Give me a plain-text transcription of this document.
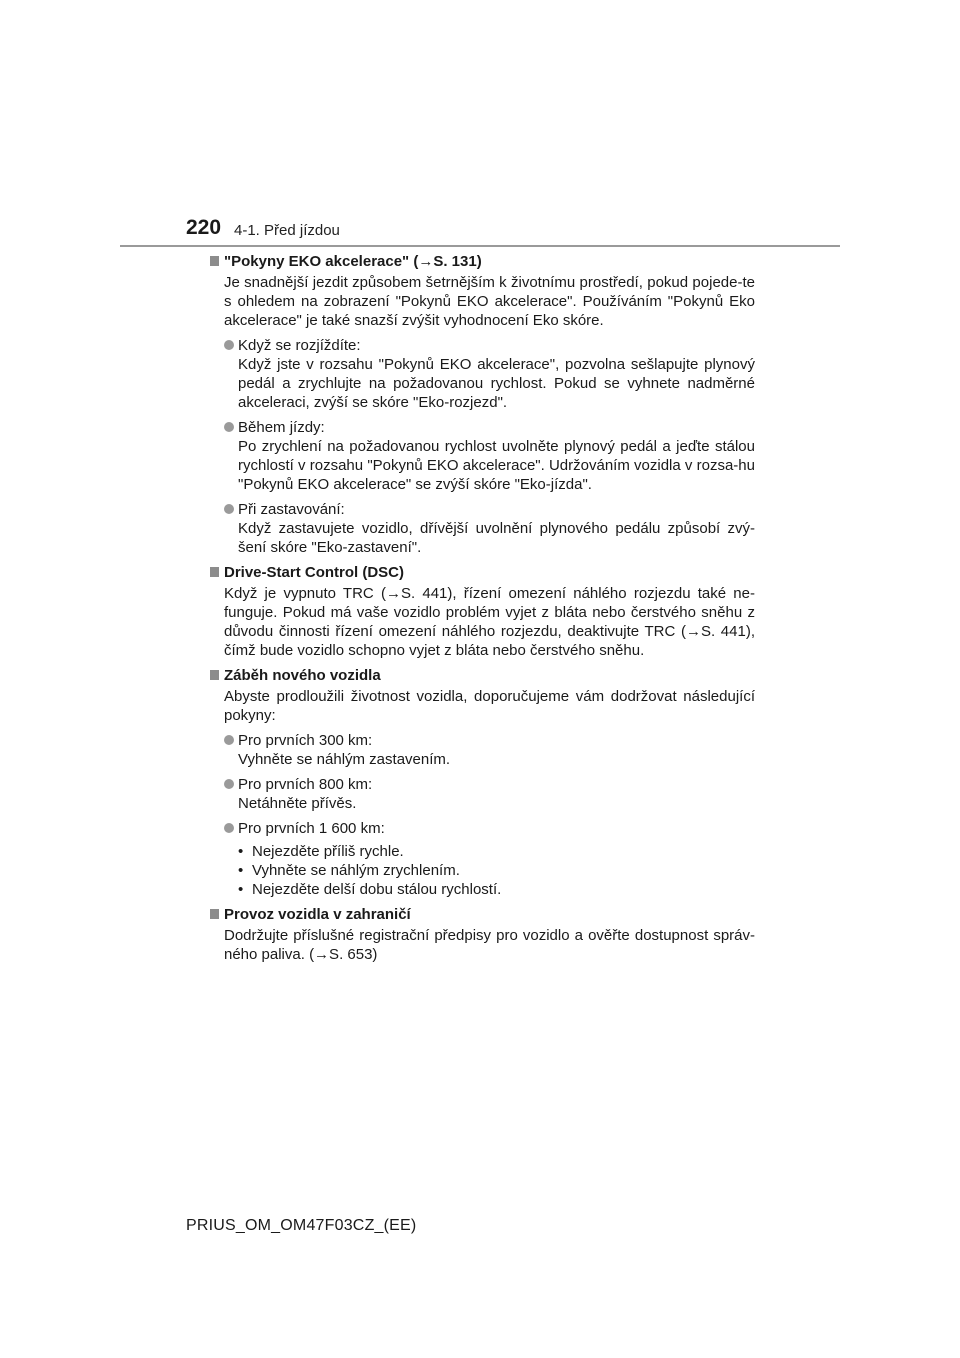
220 4-1. Před jízdou
"Pokyny EKO akcelerace" (→S. 131)
Je snadnější jezdit způsobem šetrnějším k životnímu prostředí, pokud pojede-te s ohledem na zobrazení "Pokynů EKO akcelerace". Používáním "Pokynů Eko akcelerace" je také snazší zvýšit vyhodnocení Eko skóre.
Když se rozjíždíte:
Když jste v rozsahu "Pokynů EKO akcelerace", pozvolna sešlapujte plynový pedál a zrychlujte na požadovanou rychlost. Pokud se vyhnete nadměrné akceleraci, zvýší se skóre "Eko-rozjezd".
Během jízdy:
Po zrychlení na požadovanou rychlost uvolněte plynový pedál a jeďte stálou rychlostí v rozsahu "Pokynů EKO akcelerace". Udržováním vozidla v rozsa-hu "Pokynů EKO akcelerace" se zvýší skóre "Eko-jízda".
Při zastavování:
Když zastavujete vozidlo, dřívější uvolnění plynového pedálu způsobí zvý-šení skóre "Eko-zastavení".
Drive-Start Control (DSC)
Když je vypnuto TRC (→S. 441), řízení omezení náhlého rozjezdu také ne-funguje. Pokud má vaše vozidlo problém vyjet z bláta nebo čerstvého sněhu z důvodu činnosti řízení omezení náhlého rozjezdu, deaktivujte TRC (→S. 441), čímž bude vozidlo schopno vyjet z bláta nebo čerstvého sněhu.
Záběh nového vozidla
Abyste prodloužili životnost vozidla, doporučujeme vám dodržovat následující pokyny:
Pro prvních 300 km:
Vyhněte se náhlým zastavením.
Pro prvních 800 km:
Netáhněte přívěs.
Pro prvních 1 600 km:
• Nejezděte příliš rychle.
• Vyhněte se náhlým zrychlením.
• Nejezděte delší dobu stálou rychlostí.
Provoz vozidla v zahraničí
Dodržujte příslušné registrační předpisy pro vozidlo a ověřte dostupnost správ-ného paliva. (→S. 653)
PRIUS_OM_OM47F03CZ_(EE)
